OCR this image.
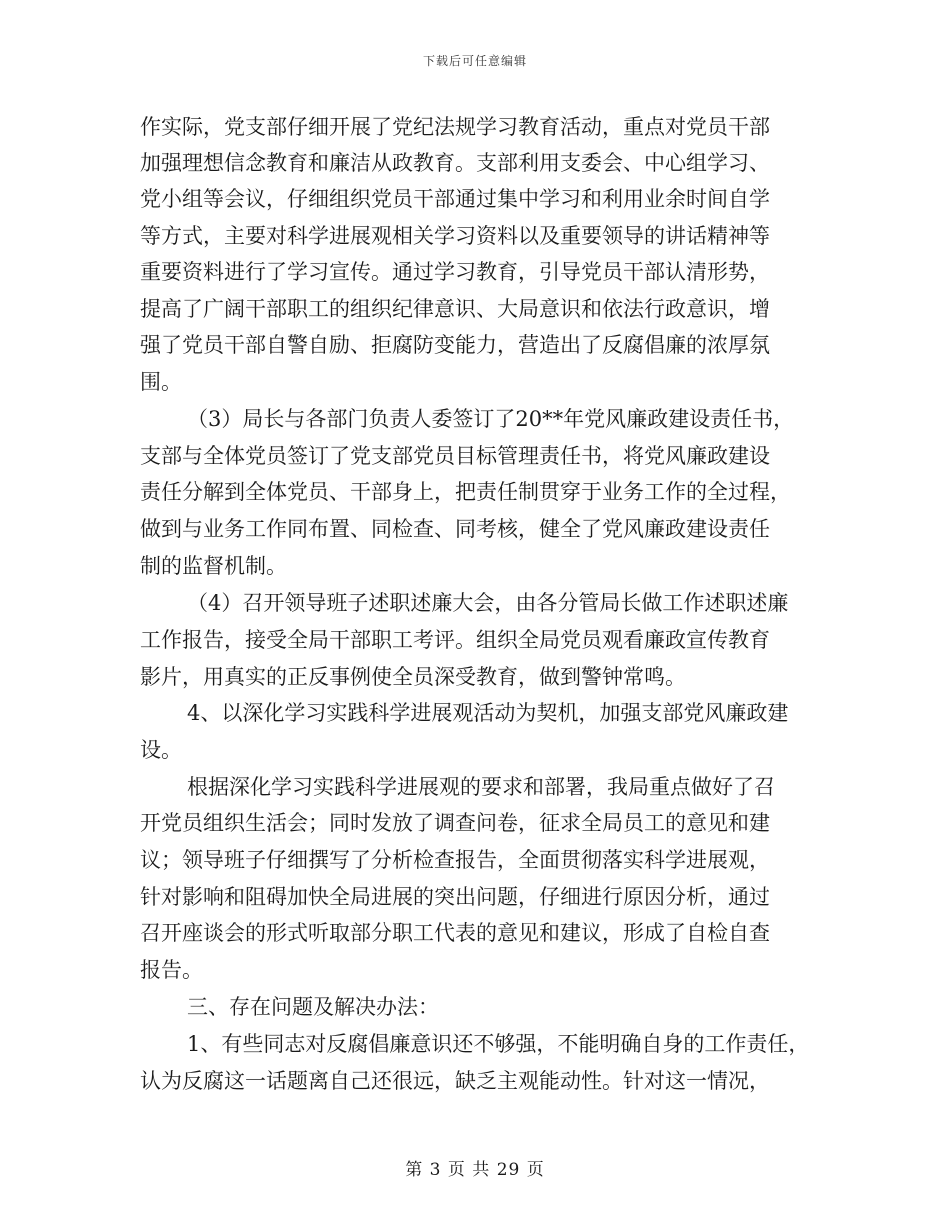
下载后可任意编辑
作实际，党支部仔细开展了党纪法规学习教育活动，重点对党员干部
加强理想信念教育和廉洁从政教育。支部利用支委会、中心组学习、
党小组等会议，仔细组织党员干部通过集中学习和利用业余时间自学
等方式，主要对科学进展观相关学习资料以及重要领导的讲话精神等
重要资料进行了学习宣传。通过学习教育，引导党员干部认清形势，
提高了广阔干部职工的组织纪律意识、大局意识和依法行政意识，增
强了党员干部自警自励、拒腐防变能力，营造出了反腐倡廉的浓厚氛
围。
（3）局长与各部门负责人委签订了20**年党风廉政建设责任书，
支部与全体党员签订了党支部党员目标管理责任书，将党风廉政建设
责任分解到全体党员、干部身上，把责任制贯穿于业务工作的全过程，
做到与业务工作同布置、同检查、同考核，健全了党风廉政建设责任
制的监督机制。
（4）召开领导班子述职述廉大会，由各分管局长做工作述职述廉
工作报告，接受全局干部职工考评。组织全局党员观看廉政宣传教育
影片，用真实的正反事例使全员深受教育，做到警钟常鸣。
4、以深化学习实践科学进展观活动为契机，加强支部党风廉政建
设。
根据深化学习实践科学进展观的要求和部署，我局重点做好了召
开党员组织生活会；同时发放了调查问卷，征求全局员工的意见和建
议；领导班子仔细撰写了分析检查报告，全面贯彻落实科学进展观，
针对影响和阻碍加快全局进展的突出问题，仔细进行原因分析，通过
召开座谈会的形式听取部分职工代表的意见和建议，形成了自检自查
报告。
三、存在问题及解决办法：
1、有些同志对反腐倡廉意识还不够强，不能明确自身的工作责任，
认为反腐这一话题离自己还很远，缺乏主观能动性。针对这一情况，
第 3 页 共 29 页
